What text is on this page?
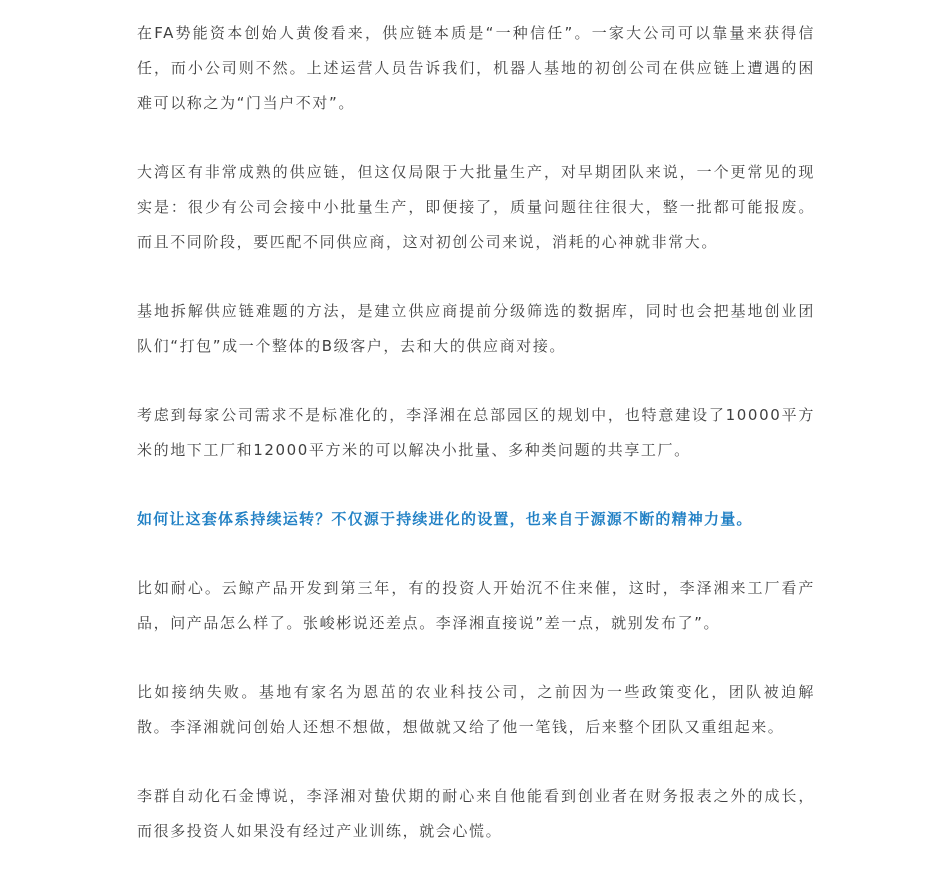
在FA势能资本创始人黄俊看来，供应链本质是“一种信任”。一家大公司可以靠量来获得信任，而小公司则不然。上述运营人员告诉我们，机器人基地的初创公司在供应链上遭遇的困难可以称之为“门当户不对”。

大湾区有非常成熟的供应链，但这仅局限于大批量生产，对早期团队来说，一个更常见的现实是：很少有公司会接中小批量生产，即便接了，质量问题往往很大，整一批都可能报废。而且不同阶段，要匹配不同供应商，这对初创公司来说，消耗的心神就非常大。

基地拆解供应链难题的方法，是建立供应商提前分级筛选的数据库，同时也会把基地创业团队们“打包”成一个整体的B级客户，去和大的供应商对接。

考虑到每家公司需求不是标准化的，李泽湘在总部园区的规划中，也特意建设了10000平方米的地下工厂和12000平方米的可以解决小批量、多种类问题的共享工厂。

如何让这套体系持续运转？不仅源于持续进化的设置，也来自于源源不断的精神力量。

比如耐心。云鲸产品开发到第三年，有的投资人开始沉不住来催，这时，李泽湘来工厂看产品，问产品怎么样了。张峻彬说还差点。李泽湘直接说”差一点，就别发布了”。

比如接纳失败。基地有家名为恩茁的农业科技公司，之前因为一些政策变化，团队被迫解散。李泽湘就问创始人还想不想做，想做就又给了他一笔钱，后来整个团队又重组起来。

李群自动化石金博说，李泽湘对蛰伏期的耐心来自他能看到创业者在财务报表之外的成长，而很多投资人如果没有经过产业训练，就会心慌。
